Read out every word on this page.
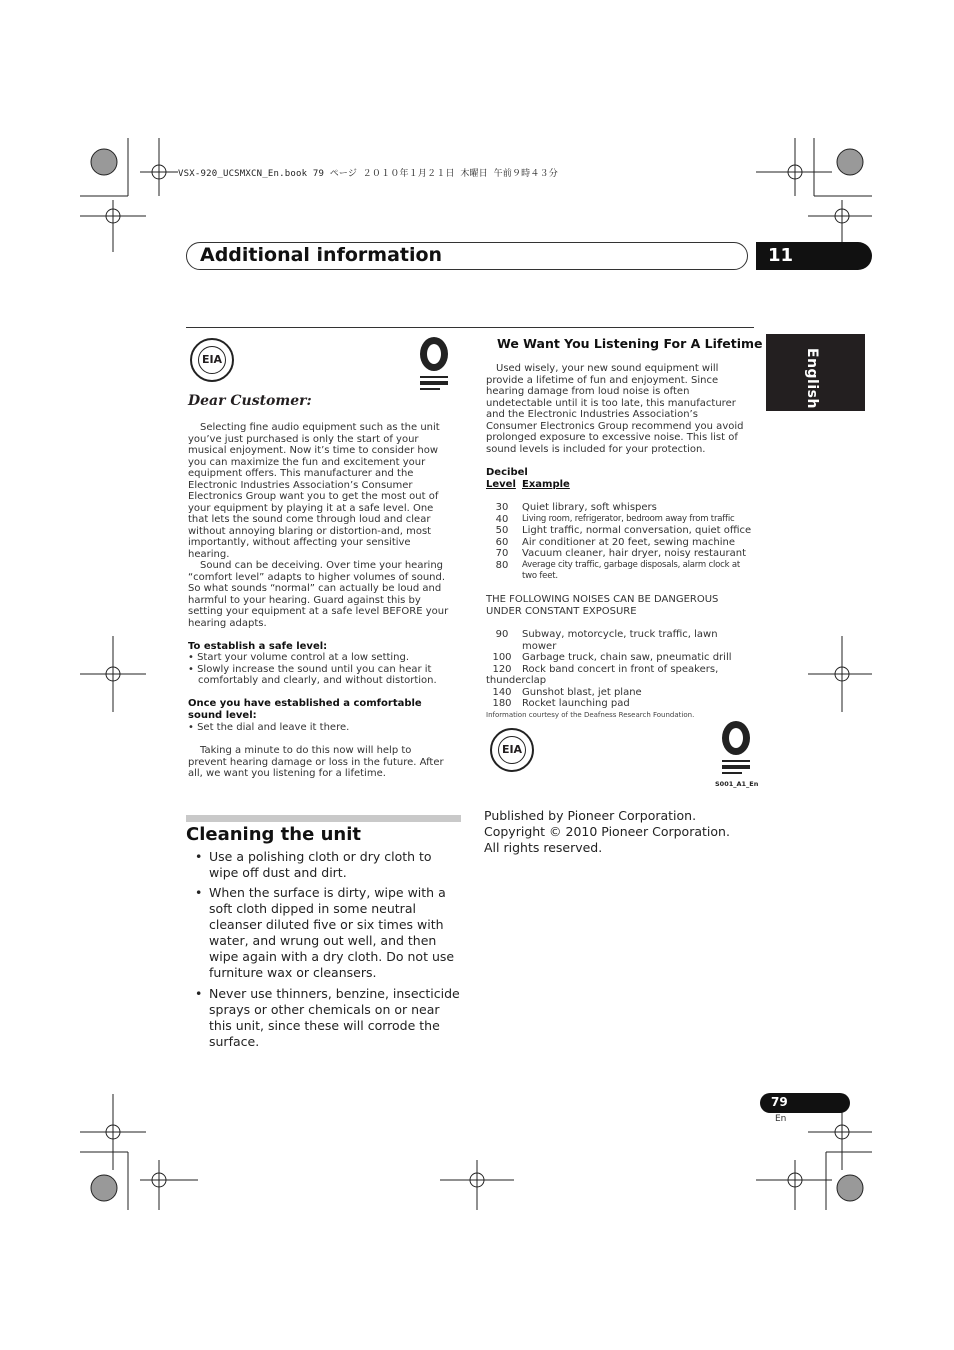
VSX-920_UCSMXCN_En.book 79 ページ ２０１０年１月２１日 木曜日 午前９時４３分
Additional information	11
English
EIA
Dear Customer:
Selecting fine audio equipment such as the unit you’ve just purchased is only the start of your musical enjoyment. Now it’s time to consider how you can maximize the fun and excitement your equipment offers. This manufacturer and the Electronic Industries Association’s Consumer Electronics Group want you to get the most out of your equipment by playing it at a safe level. One that lets the sound come through loud and clear without annoying blaring or distortion-and, most importantly, without affecting your sensitive hearing.
Sound can be deceiving. Over time your hearing “comfort level” adapts to higher volumes of sound. So what sounds “normal” can actually be loud and harmful to your hearing. Guard against this by setting your equipment at a safe level BEFORE your hearing adapts.
To establish a safe level:
• Start your volume control at a low setting.
• Slowly increase the sound until you can hear it
comfortably and clearly, and without distortion.
Once you have established a comfortable sound level:
• Set the dial and leave it there.
Taking a minute to do this now will help to prevent hearing damage or loss in the future. After all, we want you listening for a lifetime.
Cleaning the unit
• Use a polishing cloth or dry cloth to wipe off dust and dirt.
• When the surface is dirty, wipe with a soft cloth dipped in some neutral cleanser diluted five or six times with water, and wrung out well, and then wipe again with a dry cloth. Do not use furniture wax or cleansers.
• Never use thinners, benzine, insecticide sprays or other chemicals on or near this unit, since these will corrode the surface.
We Want You Listening For A Lifetime
Used wisely, your new sound equipment will provide a lifetime of fun and enjoyment. Since hearing damage from loud noise is often undetectable until it is too late, this manufacturer and the Electronic Industries Association’s Consumer Electronics Group recommend you avoid prolonged exposure to excessive noise. This list of sound levels is included for your protection.
Decibel
Level Example
30	Quiet library, soft whispers
40	Living room, refrigerator, bedroom away from traffic
50	Light traffic, normal conversation, quiet office
60	Air conditioner at 20 feet, sewing machine
70	Vacuum cleaner, hair dryer, noisy restaurant
80	Average city traffic, garbage disposals, alarm clock at two feet.
THE FOLLOWING NOISES CAN BE DANGEROUS UNDER CONSTANT EXPOSURE
90	Subway, motorcycle, truck traffic, lawn mower
100	Garbage truck, chain saw, pneumatic drill
120	Rock band concert in front of speakers,
thunderclap	
140	Gunshot blast, jet plane
180	Rocket launching pad
Information courtesy of the Deafness Research Foundation.
EIA
S001_A1_En
Published by Pioneer Corporation.
Copyright © 2010 Pioneer Corporation.
All rights reserved.
79
En
